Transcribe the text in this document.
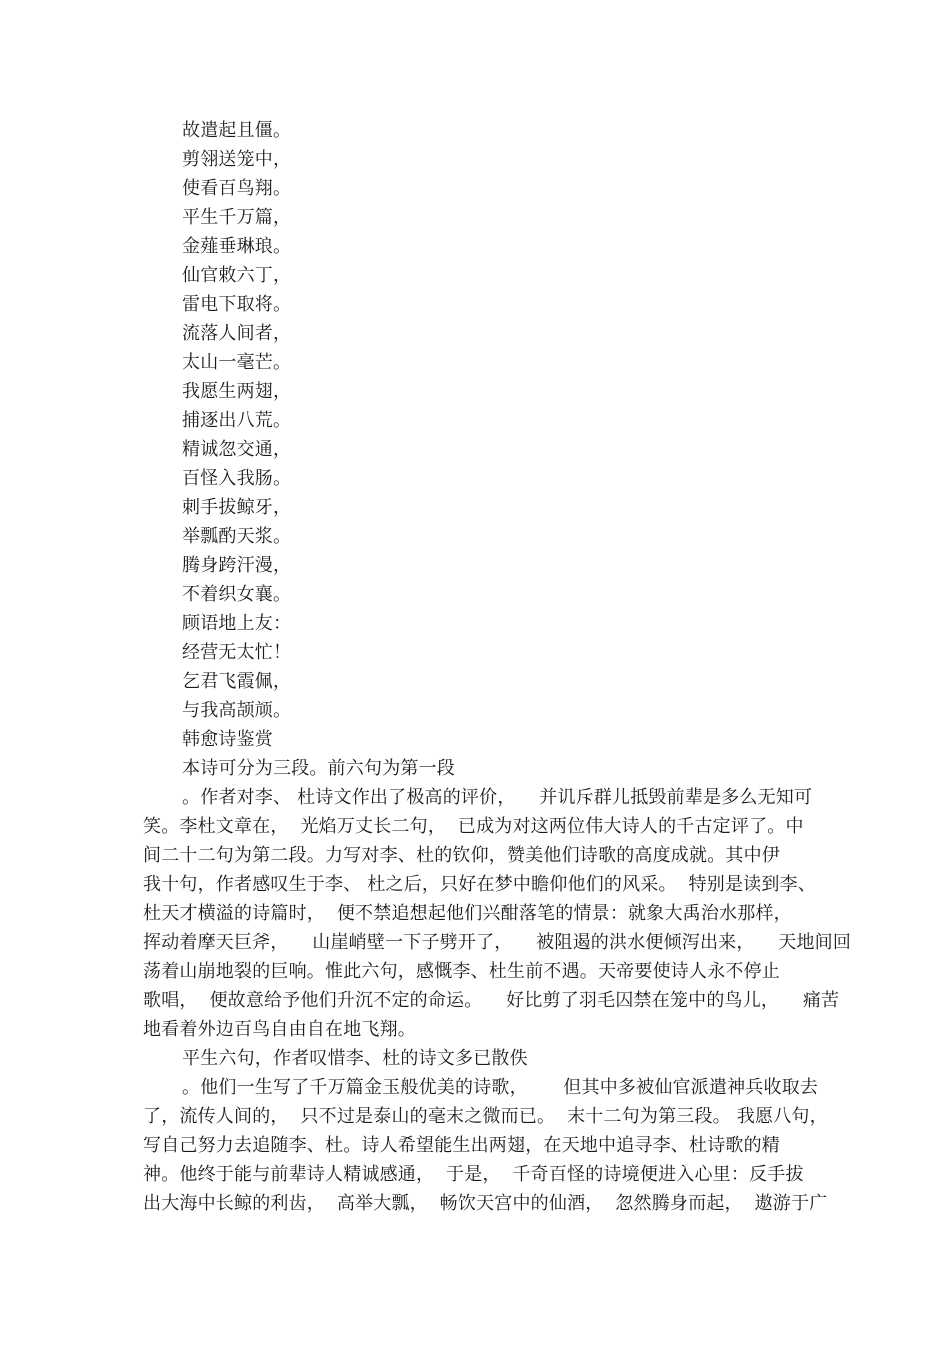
故遣起且僵。
剪翎送笼中，
使看百鸟翔。
平生千万篇，
金薤垂琳琅。
仙官敕六丁，
雷电下取将。
流落人间者，
太山一毫芒。
我愿生两翅，
捕逐出八荒。
精诚忽交通，
百怪入我肠。
刺手拔鲸牙，
举瓢酌天浆。
腾身跨汗漫，
不着织女襄。
顾语地上友：
经营无太忙！
乞君飞霞佩，
与我高颉颃。
韩愈诗鉴赏
本诗可分为三段。前六句为第一段
。作者对李、 杜诗文作出了极高的评价，    并讥斥群儿抵毁前辈是多么无知可
笑。李杜文章在，  光焰万丈长二句，  已成为对这两位伟大诗人的千古定评了。中
间二十二句为第二段。力写对李、杜的钦仰，赞美他们诗歌的高度成就。其中伊
我十句，作者感叹生于李、 杜之后，只好在梦中瞻仰他们的风采。  特别是读到李、
杜天才横溢的诗篇时，  便不禁追想起他们兴酣落笔的情景：就象大禹治水那样，
挥动着摩天巨斧，    山崖峭壁一下子劈开了，    被阻遏的洪水便倾泻出来，    天地间回
荡着山崩地裂的巨响。惟此六句，感慨李、杜生前不遇。天帝要使诗人永不停止
歌唱，  便故意给予他们升沉不定的命运。    好比剪了羽毛囚禁在笼中的鸟儿，    痛苦
地看着外边百鸟自由自在地飞翔。
平生六句，作者叹惜李、杜的诗文多已散佚
。他们一生写了千万篇金玉般优美的诗歌，      但其中多被仙官派遣神兵收取去
了，流传人间的，  只不过是泰山的毫末之微而已。  末十二句为第三段。 我愿八句，
写自己努力去追随李、杜。诗人希望能生出两翅，在天地中追寻李、杜诗歌的精
神。他终于能与前辈诗人精诚感通，  于是，  千奇百怪的诗境便进入心里：反手拔
出大海中长鲸的利齿，  高举大瓢，  畅饮天宫中的仙酒，  忽然腾身而起，  遨游于广
